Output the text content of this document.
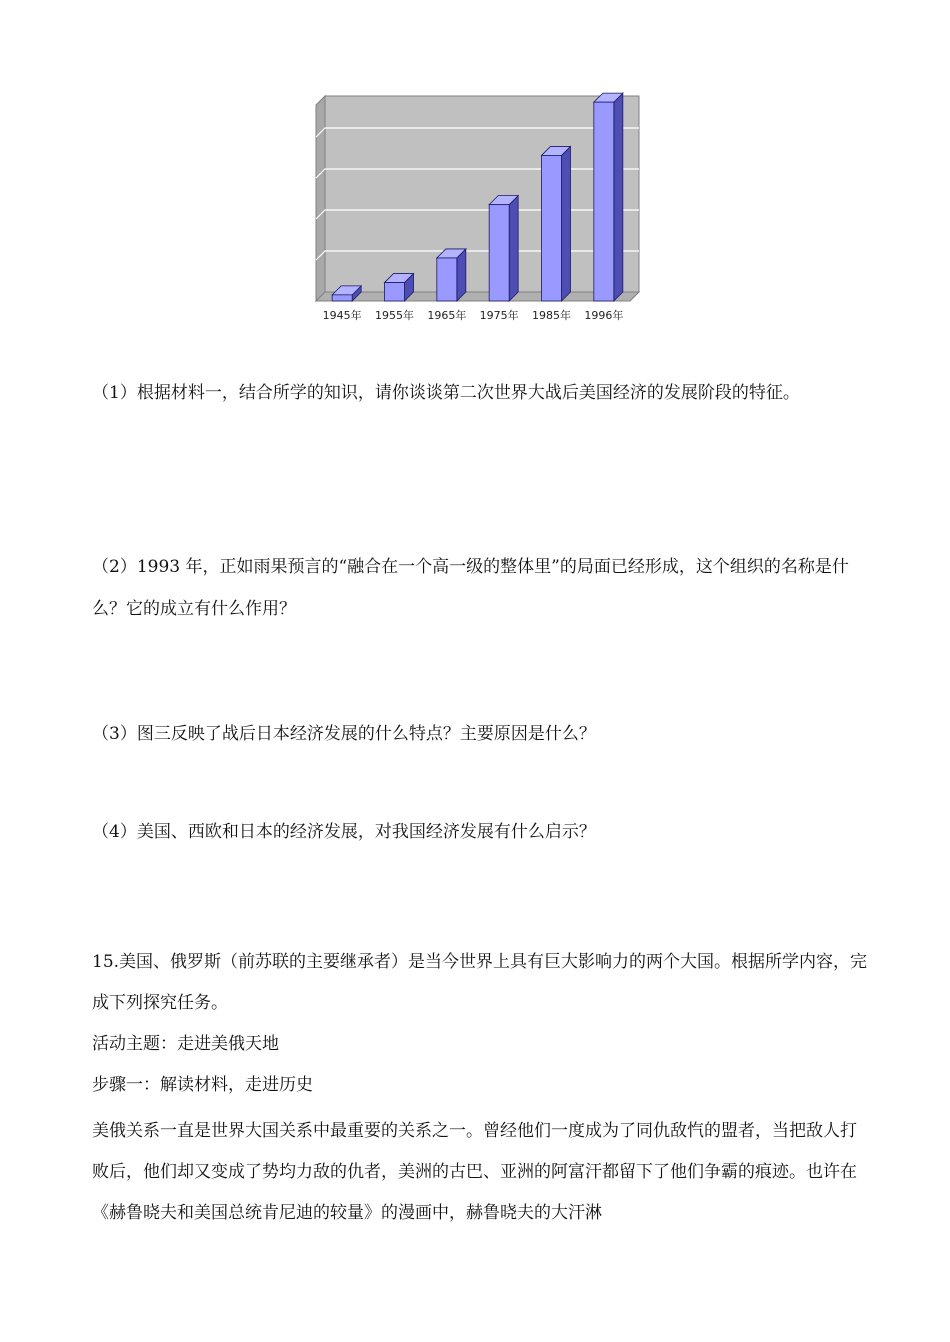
1945年 1955年 1965年 1975年 1985年 1996年

（1）根据材料一，结合所学的知识，请你谈谈第二次世界大战后美国经济的发展阶段的特征。

（2）1993 年，正如雨果预言的“融合在一个高一级的整体里”的局面已经形成，这个组织的名称是什么？它的成立有什么作用？

（3）图三反映了战后日本经济发展的什么特点？主要原因是什么？

（4）美国、西欧和日本的经济发展，对我国经济发展有什么启示？

15.美国、俄罗斯（前苏联的主要继承者）是当今世界上具有巨大影响力的两个大国。根据所学内容，完成下列探究任务。

活动主题：走进美俄天地

步骤一：解读材料，走进历史

美俄关系一直是世界大国关系中最重要的关系之一。曾经他们一度成为了同仇敌忾的盟者，当把敌人打败后，他们却又变成了势均力敌的仇者，美洲的古巴、亚洲的阿富汗都留下了他们争霸的痕迹。也许在《赫鲁晓夫和美国总统肯尼迪的较量》的漫画中，赫鲁晓夫的大汗淋
